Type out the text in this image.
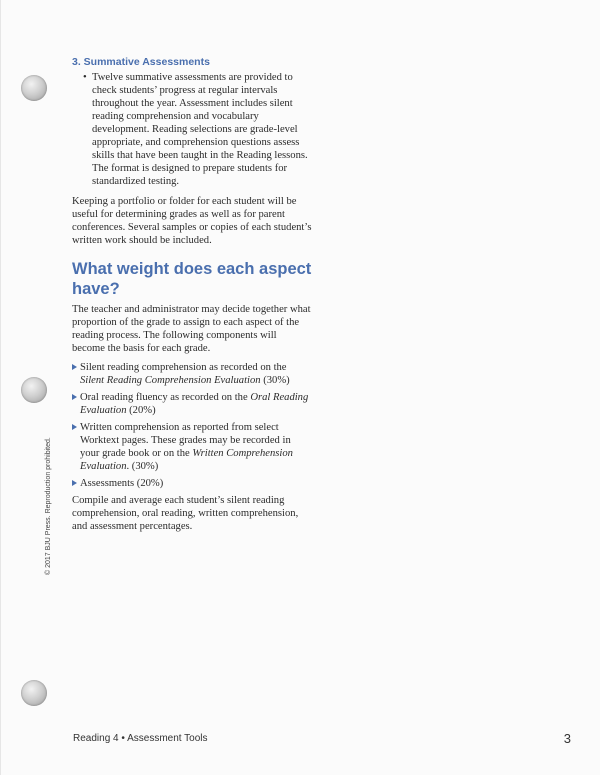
3. Summative Assessments
• Twelve summative assessments are provided to check students’ progress at regular intervals throughout the year. Assessment includes silent reading comprehension and vocabulary development. Reading selections are grade-level appropriate, and comprehension questions assess skills that have been taught in the Reading lessons. The format is designed to prepare students for standardized testing.

Keeping a portfolio or folder for each student will be useful for determining grades as well as for parent conferences. Several samples or copies of each student’s written work should be included.

What weight does each aspect have?

The teacher and administrator may decide together what proportion of the grade to assign to each aspect of the reading process. The following components will become the basis for each grade.

Silent reading comprehension as recorded on the Silent Reading Comprehension Evaluation (30%)
Oral reading fluency as recorded on the Oral Reading Evaluation (20%)
Written comprehension as reported from select Worktext pages. These grades may be recorded in your grade book or on the Written Comprehension Evaluation. (30%)
Assessments (20%)

Compile and average each student’s silent reading comprehension, oral reading, written comprehension, and assessment percentages.

© 2017 BJU Press. Reproduction prohibited.
Reading 4 • Assessment Tools	3
